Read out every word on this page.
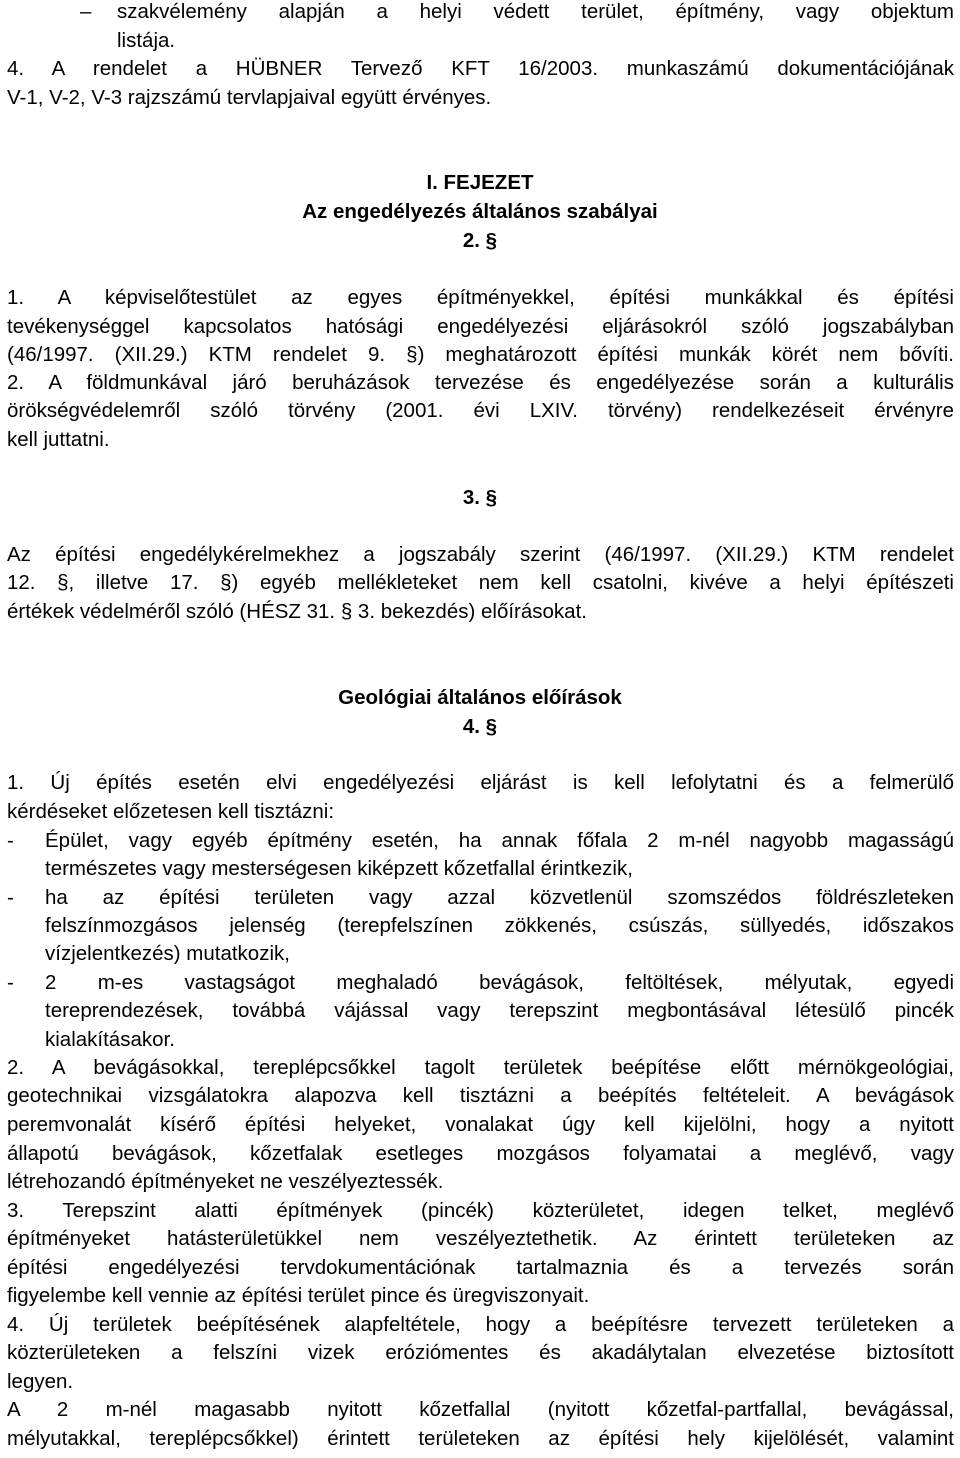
– szakvélemény alapján a helyi védett terület, építmény, vagy objektum
listája.
4. A rendelet a HÜBNER Tervező KFT 16/2003. munkaszámú dokumentációjának
V-1, V-2, V-3 rajzszámú tervlapjaival együtt érvényes.
I. FEJEZET
Az engedélyezés általános szabályai
2. §
1. A képviselőtestület az egyes építményekkel, építési munkákkal és építési
tevékenységgel kapcsolatos hatósági engedélyezési eljárásokról szóló jogszabályban
(46/1997. (XII.29.) KTM rendelet 9. §) meghatározott építési munkák körét nem bővíti.
2. A földmunkával járó beruházások tervezése és engedélyezése során a kulturális
örökségvédelemről szóló törvény (2001. évi LXIV. törvény) rendelkezéseit érvényre
kell juttatni.
3. §
Az építési engedélykérelmekhez a jogszabály szerint (46/1997. (XII.29.) KTM rendelet
12. §, illetve 17. §) egyéb mellékleteket nem kell csatolni, kivéve a helyi építészeti
értékek védelméről szóló (HÉSZ 31. § 3. bekezdés) előírásokat.
Geológiai általános előírások
4. §
1. Új építés esetén elvi engedélyezési eljárást is kell lefolytatni és a felmerülő
kérdéseket előzetesen kell tisztázni:
- Épület, vagy egyéb építmény esetén, ha annak főfala 2 m-nél nagyobb magasságú
természetes vagy mesterségesen kiképzett kőzetfallal érintkezik,
- ha az építési területen vagy azzal közvetlenül szomszédos földrészleteken
felszínmozgásos jelenség (terepfelszínen zökkenés, csúszás, süllyedés, időszakos
vízjelentkezés) mutatkozik,
- 2 m-es vastagságot meghaladó bevágások, feltöltések, mélyutak, egyedi
tereprendezések, továbbá vájással vagy terepszint megbontásával létesülő pincék
kialakításakor.
2. A bevágásokkal, tereplépcsőkkel tagolt területek beépítése előtt mérnökgeológiai,
geotechnikai vizsgálatokra alapozva kell tisztázni a beépítés feltételeit. A bevágások
peremvonalát kísérő építési helyeket, vonalakat úgy kell kijelölni, hogy a nyitott
állapotú bevágások, kőzetfalak esetleges mozgásos folyamatai a meglévő, vagy
létrehozandó építményeket ne veszélyeztessék.
3. Terepszint alatti építmények (pincék) közterületet, idegen telket, meglévő
építményeket hatásterületükkel nem veszélyeztethetik. Az érintett területeken az
építési engedélyezési tervdokumentációnak tartalmaznia és a tervezés során
figyelembe kell vennie az építési terület pince és üregviszonyait.
4. Új területek beépítésének alapfeltétele, hogy a beépítésre tervezett területeken a
közterületeken a felszíni vizek eróziómentes és akadálytalan elvezetése biztosított
legyen.
A 2 m-nél magasabb nyitott kőzetfallal (nyitott kőzetfal-partfallal, bevágással,
mélyutakkal, tereplépcsőkkel) érintett területeken az építési hely kijelölését, valamint
